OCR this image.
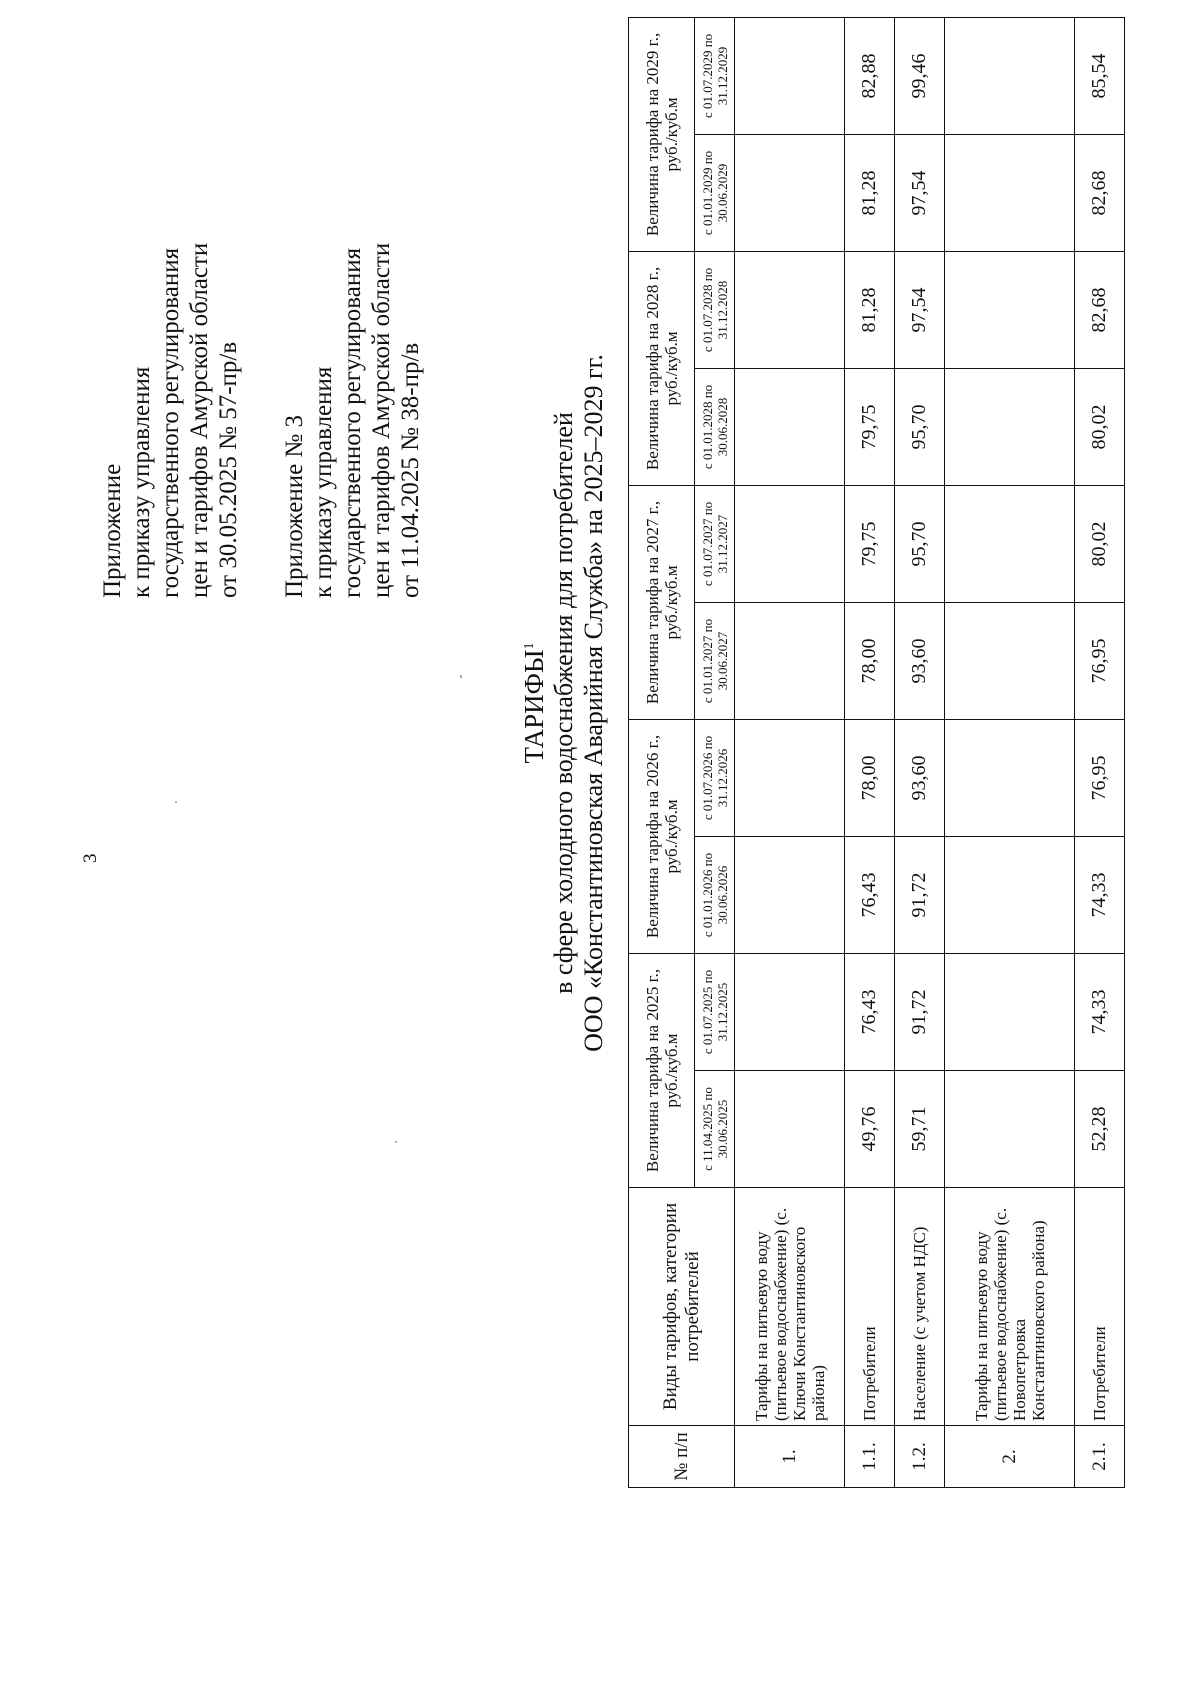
3
Приложение к приказу управления государственного регулирования цен и тарифов Амурской области от 30.05.2025 № 57-пр/в Приложение № 3 к приказу управления государственного регулирования цен и тарифов Амурской области от 11.04.2025 № 38-пр/в
ТАРИФЫ$^1$ в сфере холодного водоснабжения для потребителей ООО «Константиновская Аварийная Служба» на 2025–2029 гг.
№ п/п	Виды тарифов, категории потребителей	Величина тарифа на 2025 г., руб./куб.м		Величина тарифа на 2026 г., руб./куб.м		Величина тарифа на 2027 г., руб./куб.м		Величина тарифа на 2028 г., руб./куб.м		Величина тарифа на 2029 г., руб./куб.м	
		с 11.04.2025 по 30.06.2025	с 01.07.2025 по 31.12.2025	с 01.01.2026 по 30.06.2026	с 01.07.2026 по 31.12.2026	с 01.01.2027 по 30.06.2027	с 01.07.2027 по 31.12.2027	с 01.01.2028 по 30.06.2028	с 01.07.2028 по 31.12.2028	с 01.01.2029 по 30.06.2029	с 01.07.2029 по 31.12.2029
1.	Тарифы на питьевую воду (питьевое водоснабжение) (с. Ключи Константиновского района)										
1.1.	Потребители	49,76	76,43	76,43	78,00	78,00	79,75	79,75	81,28	81,28	82,88
1.2.	Население (с учетом НДС)	59,71	91,72	91,72	93,60	93,60	95,70	95,70	97,54	97,54	99,46
2.	Тарифы на питьевую воду (питьевое водоснабжение) (с. Новопетровка Константиновского района)										
2.1.	Потребители	52,28	74,33	74,33	76,95	76,95	80,02	80,02	82,68	82,68	85,54
